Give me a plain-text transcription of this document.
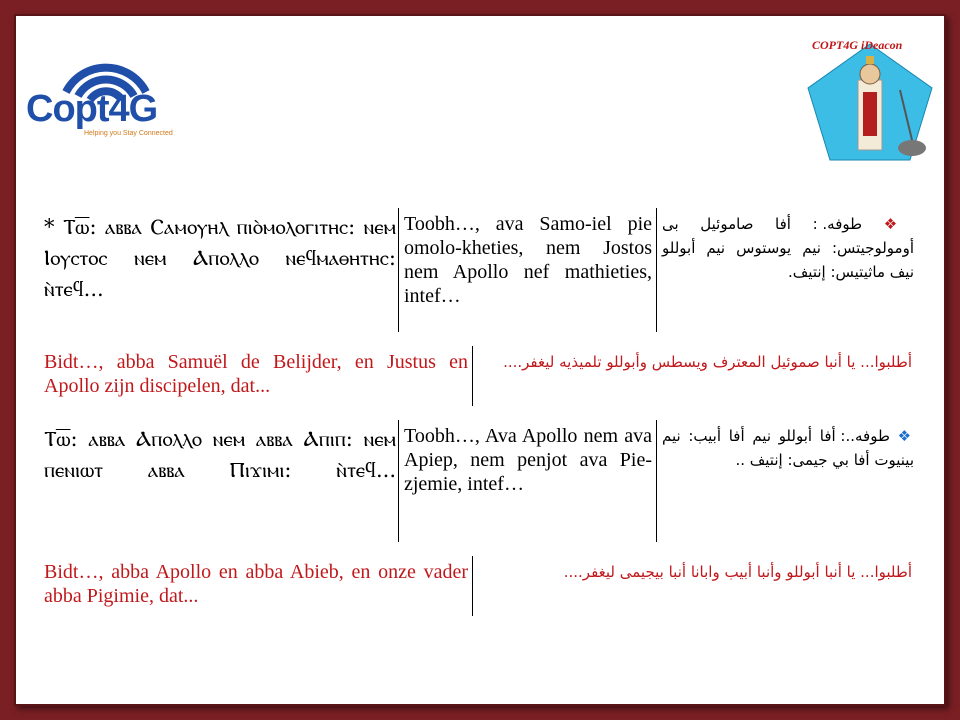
Copt4G
Helping you Stay Connected
COPT4G iDeacon
* Ⲧⲱ̅: ⲁⲃⲃⲁ Ⲥⲁⲙⲟⲩⲏⲗ ⲡⲓⲟ̀ⲙⲟⲗⲟⲅⲓⲧⲏⲥ: ⲛⲉⲙ Ⲓⲟⲩⲥⲧⲟⲥ ⲛⲉⲙ Ⲁⲡⲟⲗⲗⲟ ⲛⲉϥⲙⲁⲑⲏⲧⲏⲥ: ⲛ̀ⲧⲉϥ...
Toobh…, ava Samo-iel pie omolo-kheties, nem Jostos nem Apollo nef mathieties, intef…
❖ طوفه. : أفا صاموئيل بى أومولوجيتس: نيم يوستوس نيم أبوللو نيف ماثيتيس: إنتيف.
Bidt…, abba Samuël de Belijder, en Justus en Apollo zijn discipelen, dat...
أطلبوا... يا أنبا صموئيل المعترف ويسطس وأبوللو تلميذيه ليغفر....
Ⲧⲱ̅: ⲁⲃⲃⲁ Ⲁⲡⲟⲗⲗⲟ ⲛⲉⲙ ⲁⲃⲃⲁ Ⲁⲡⲓⲡ: ⲛⲉⲙ ⲡⲉⲛⲓⲱⲧ ⲁⲃⲃⲁ Ⲡⲓϫⲓⲙⲓ: ⲛ̀ⲧⲉϥ...
Toobh…, Ava Apollo nem ava Apiep, nem penjot ava Pie-zjemie, intef…
❖ طوفه..: أفا أبوللو نيم أفا أبيب: نيم بينيوت أفا بي جيمى: إنتيف ..
Bidt…, abba Apollo en abba Abieb, en onze vader abba Pigimie, dat...
أطلبوا... يا أنبا أبوللو وأنبا أبيب وابانا أنبا بيجيمى ليغفر....
